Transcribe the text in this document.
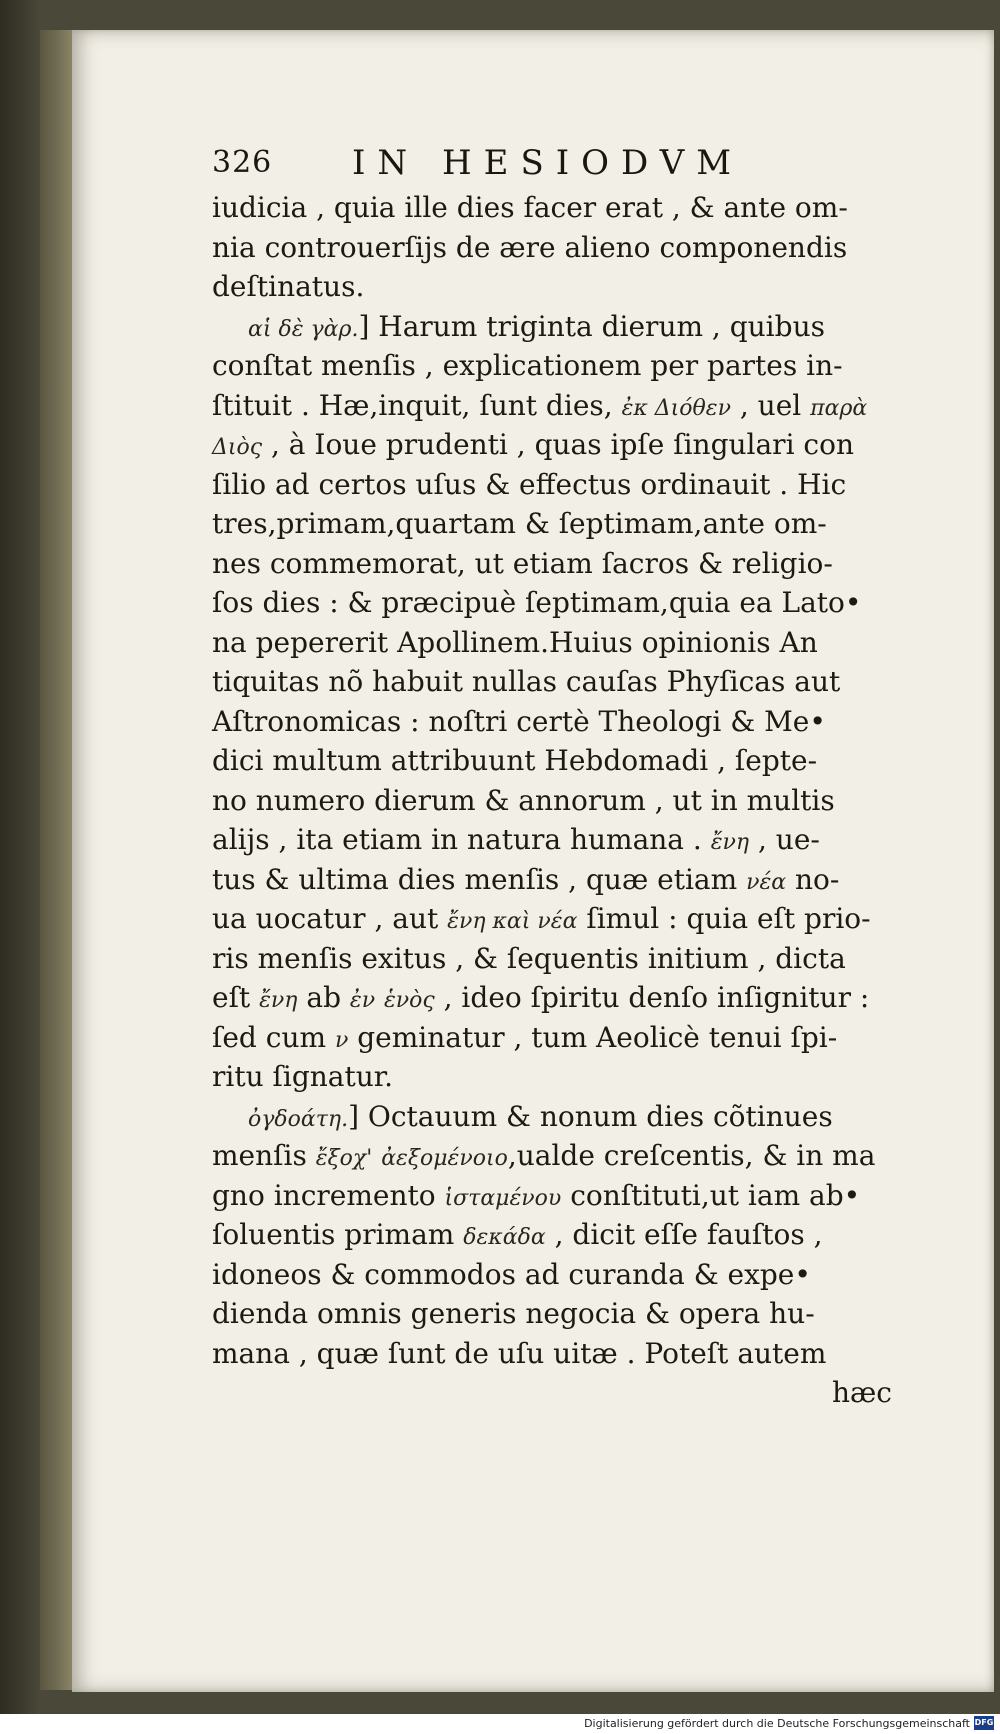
326 IN HESIODVM
iudicia , quia ille dies facer erat , & ante om-
nia controuerſijs de ære alieno componendis
deſtinatus.
αἱ δὲ γὰρ.] Harum triginta dierum , quibus
conſtat menſis , explicationem per partes in-
ſtituit . Hæ,inquit, ſunt dies, ἐκ Διόθεν , uel παρὰ
Διὸς , à Ioue prudenti , quas ipſe ſingulari con
ſilio ad certos uſus & effectus ordinauit . Hic
tres,primam,quartam & ſeptimam,ante om-
nes commemorat, ut etiam ſacros & religio-
ſos dies : & præcipuè ſeptimam,quia ea Lato•
na pepererit Apollinem.Huius opinionis An
tiquitas nõ habuit nullas cauſas Phyſicas aut
Aſtronomicas : noſtri certè Theologi & Me•
dici multum attribuunt Hebdomadi , ſepte-
no numero dierum & annorum , ut in multis
alijs , ita etiam in natura humana . ἔνη , ue-
tus & ultima dies menſis , quæ etiam νέα no-
ua uocatur , aut ἔνη καὶ νέα ſimul : quia eſt prio-
ris menſis exitus , & ſequentis initium , dicta
eſt ἔνη ab ἐν ἑνὸς , ideo ſpiritu denſo inſignitur :
ſed cum ν geminatur , tum Aeolicè tenui ſpi-
ritu ſignatur.
ὀγδοάτη.] Octauum & nonum dies cõtinues
menſis ἔξοχ' ἀεξομένοιο,ualde creſcentis, & in ma
gno incremento ἱσταμένου conſtituti,ut iam ab•
ſoluentis primam δεκάδα , dicit eſſe fauſtos ,
idoneos & commodos ad curanda & expe•
dienda omnis generis negocia & opera hu-
mana , quæ ſunt de uſu uitæ . Poteſt autem
hæc
Digitalisierung gefördert durch die Deutsche Forschungsgemeinschaft DFG
